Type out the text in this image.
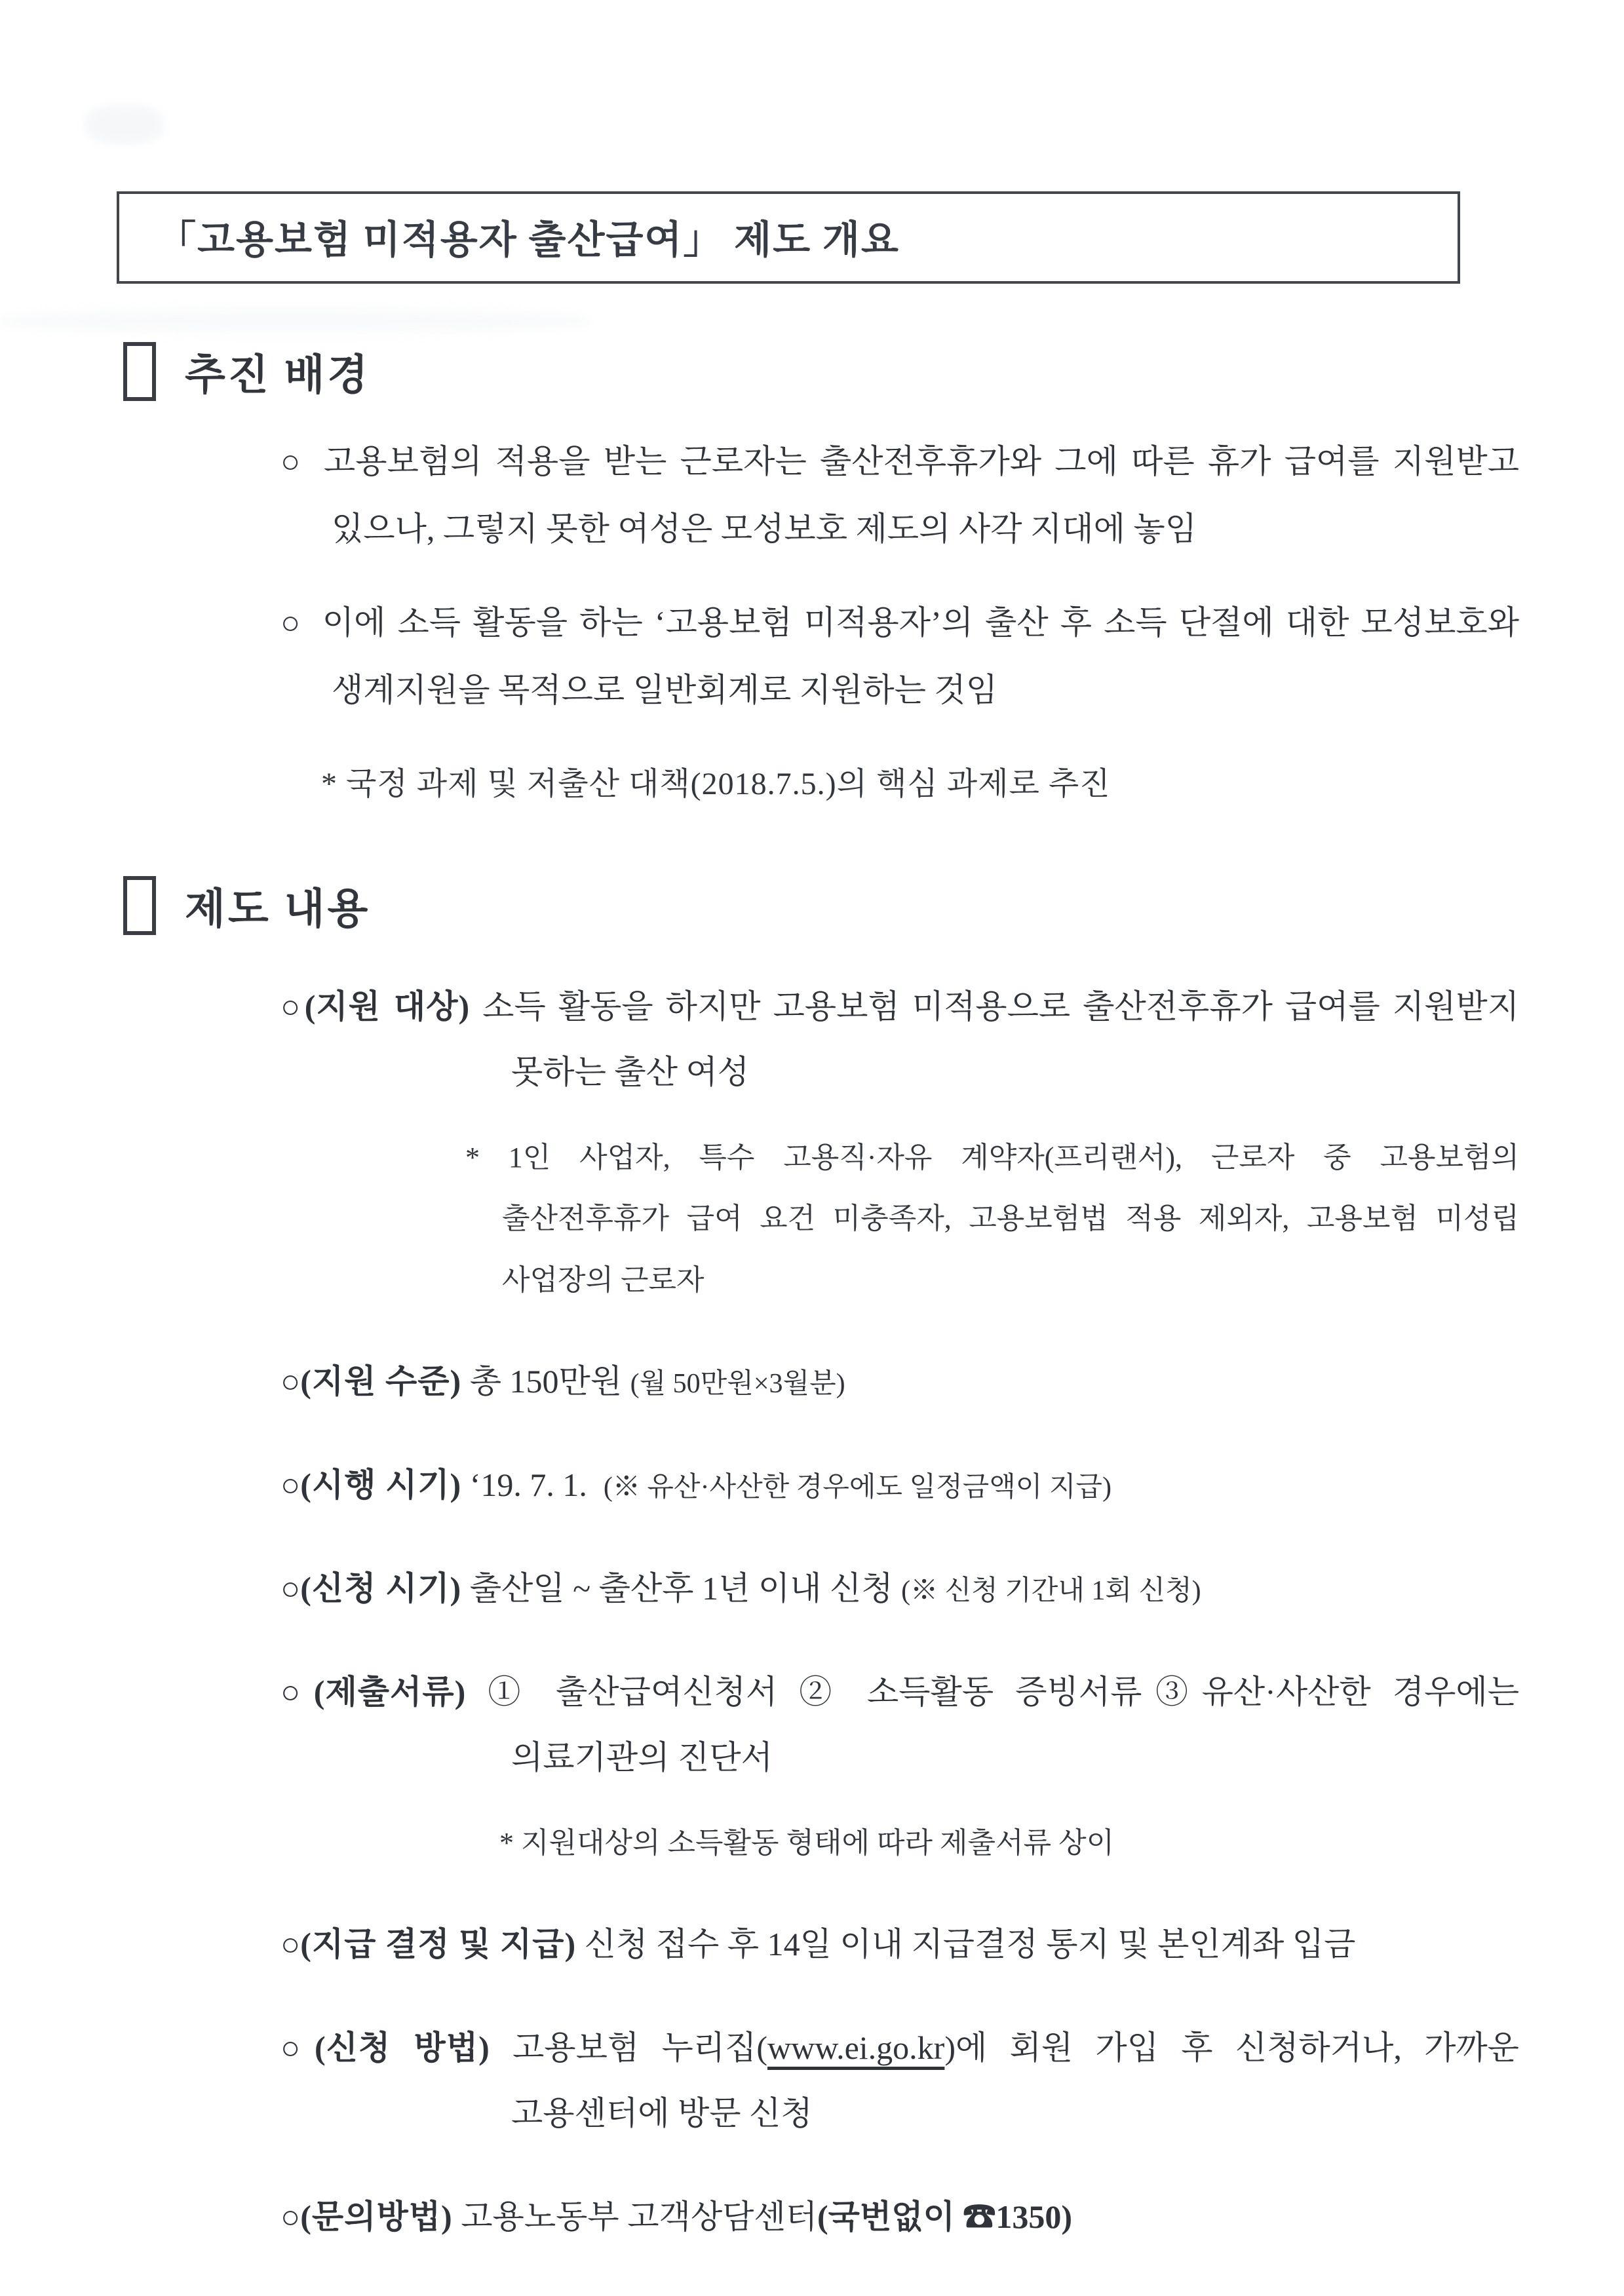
「고용보험 미적용자 출산급여」 제도 개요
추진 배경

○ 고용보험의 적용을 받는 근로자는 출산전후휴가와 그에 따른 휴가 급여를 지원받고 있으나, 그렇지 못한 여성은 모성보호 제도의 사각 지대에 놓임

○ 이에 소득 활동을 하는 ‘고용보험 미적용자’의 출산 후 소득 단절에 대한 모성보호와 생계지원을 목적으로 일반회계로 지원하는 것임

* 국정 과제 및 저출산 대책(2018.7.5.)의 핵심 과제로 추진
제도 내용

○(지원 대상) 소득 활동을 하지만 고용보험 미적용으로 출산전후휴가 급여를 지원받지 못하는 출산 여성

* 1인 사업자, 특수 고용직·자유 계약자(프리랜서), 근로자 중 고용보험의 출산전후휴가 급여 요건 미충족자, 고용보험법 적용 제외자, 고용보험 미성립 사업장의 근로자

○(지원 수준) 총 150만원 (월 50만원×3월분)

○(시행 시기) ‘19. 7. 1. (※ 유산·사산한 경우에도 일정금액이 지급)

○(신청 시기) 출산일 ~ 출산후 1년 이내 신청 (※ 신청 기간내 1회 신청)

○(제출서류) ① 출산급여신청서 ② 소득활동 증빙서류③유산·사산한 경우에는 의료기관의 진단서

* 지원대상의 소득활동 형태에 따라 제출서류 상이

○(지급 결정 및 지급) 신청 접수 후 14일 이내 지급결정 통지 및 본인계좌 입금

○(신청 방법) 고용보험 누리집(www.ei.go.kr)에 회원 가입 후 신청하거나, 가까운 고용센터에 방문 신청

○(문의방법) 고용노동부 고객상담센터(국번없이 ☎1350)
